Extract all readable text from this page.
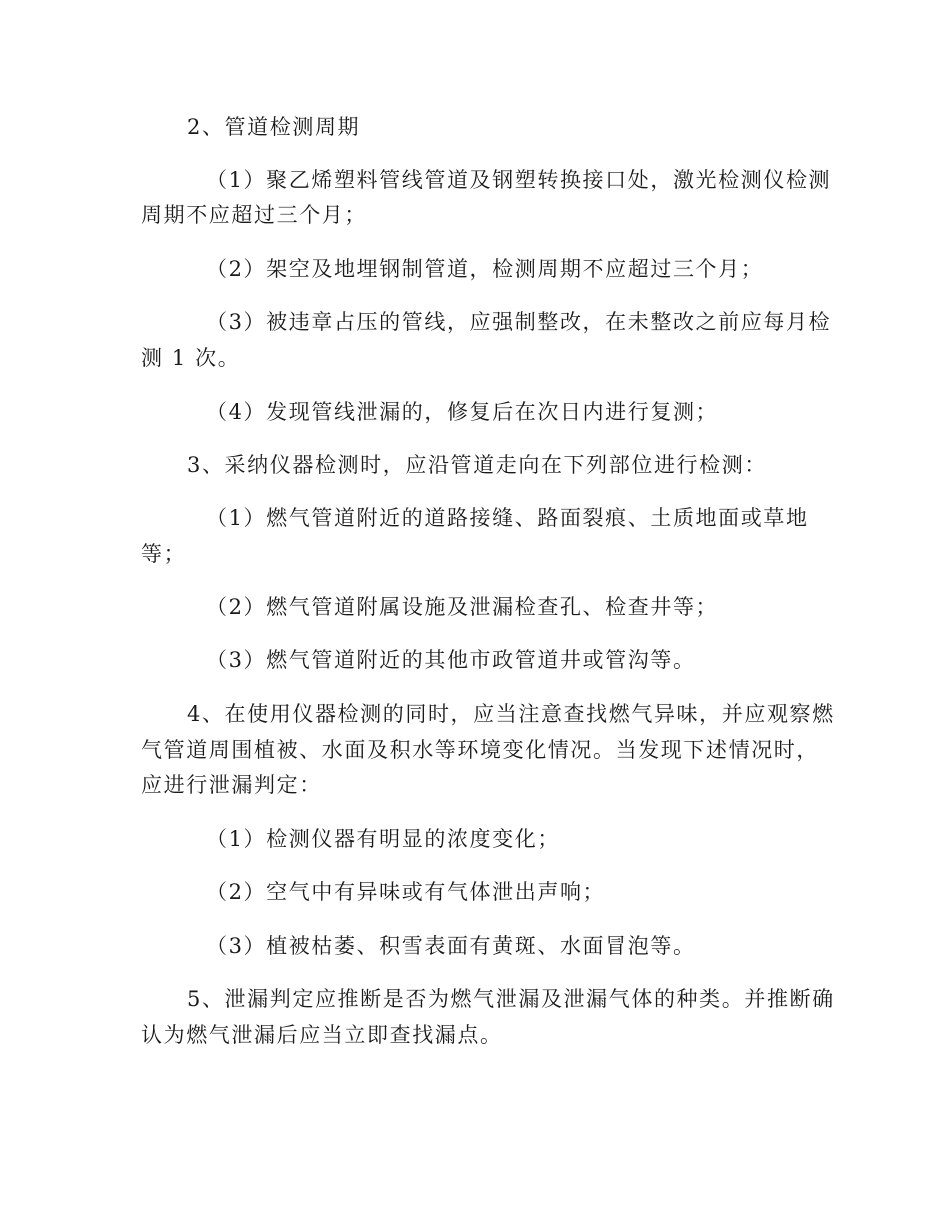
2、管道检测周期
（1）聚乙烯塑料管线管道及钢塑转换接口处，激光检测仪检测
周期不应超过三个月；
（2）架空及地埋钢制管道，检测周期不应超过三个月；
（3）被违章占压的管线，应强制整改，在未整改之前应每月检
测 1 次。
（4）发现管线泄漏的，修复后在次日内进行复测；
3、采纳仪器检测时，应沿管道走向在下列部位进行检测：
（1）燃气管道附近的道路接缝、路面裂痕、土质地面或草地
等；
（2）燃气管道附属设施及泄漏检查孔、检查井等；
（3）燃气管道附近的其他市政管道井或管沟等。
4、在使用仪器检测的同时，应当注意查找燃气异味，并应观察燃
气管道周围植被、水面及积水等环境变化情况。当发现下述情况时，
应进行泄漏判定：
（1）检测仪器有明显的浓度变化；
（2）空气中有异味或有气体泄出声响；
（3）植被枯萎、积雪表面有黄斑、水面冒泡等。
5、泄漏判定应推断是否为燃气泄漏及泄漏气体的种类。并推断确
认为燃气泄漏后应当立即查找漏点。
